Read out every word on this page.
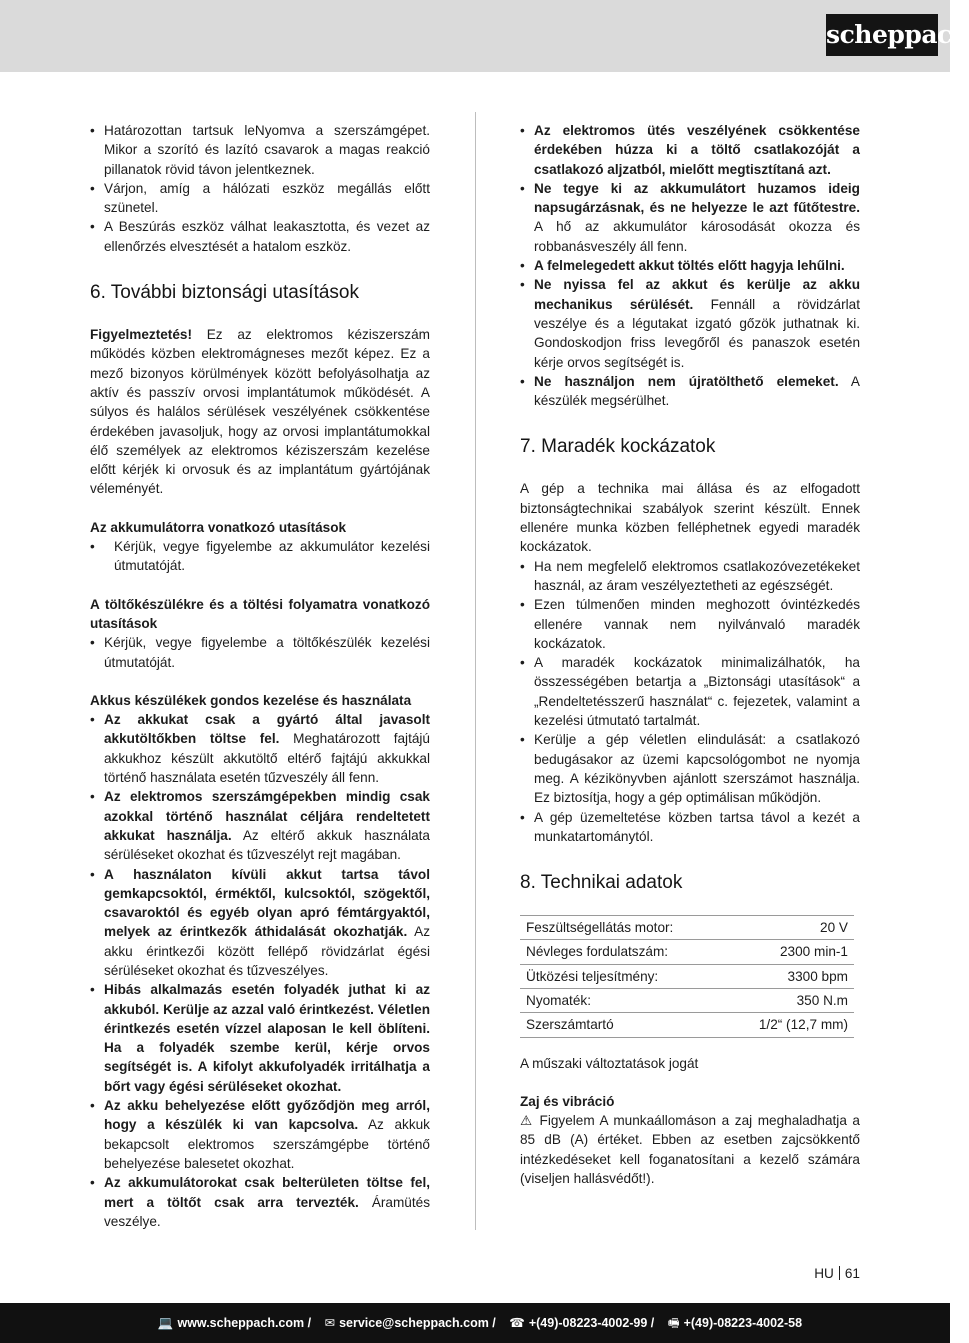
scheppach
• Határozottan tartsuk leNyomva a szerszámgépet. Mikor a szorító és lazító csavarok a magas reakció pillanatok rövid távon jelentkeznek.
• Várjon, amíg a hálózati eszköz megállás előtt szünetel.
• A Beszúrás eszköz válhat leakasztotta, és vezet az ellenőrzés elvesztését a hatalom eszköz.
6. További biztonsági utasítások

Figyelmeztetés! Ez az elektromos kéziszerszám működés közben elektromágneses mezőt képez. Ez a mező bizonyos körülmények között befolyásolhatja az aktív és passzív orvosi implantátumok működését. A súlyos és halálos sérülések veszélyének csökkentése érdekében javasoljuk, hogy az orvosi implantátumokkal élő személyek az elektromos kéziszerszám kezelése előtt kérjék ki orvosuk és az implantátum gyártójának véleményét.

Az akkumulátorra vonatkozó utasítások
• Kérjük, vegye figyelembe az akkumulátor kezelési útmutatóját.
A töltőkészülékre és a töltési folyamatra vonatkozó utasítások
• Kérjük, vegye figyelembe a töltőkészülék kezelési útmutatóját.
Akkus készülékek gondos kezelése és használata
• Az akkukat csak a gyártó által javasolt akkutöltőkben töltse fel. Meghatározott fajtájú akkukhoz készült akkutöltő eltérő fajtájú akkukkal történő használata esetén tűzveszély áll fenn.
• Az elektromos szerszámgépekben mindig csak azokkal történő használat céljára rendeltetett akkukat használja. Az eltérő akkuk használata sérüléseket okozhat és tűzveszélyt rejt magában.
• A használaton kívüli akkut tartsa távol gemkapcsoktól, érméktől, kulcsoktól, szögektől, csavaroktól és egyéb olyan apró fémtárgyaktól, melyek az érintkezők áthidalását okozhatják. Az akku érintkezői között fellépő rövidzárlat égési sérüléseket okozhat és tűzveszélyes.
• Hibás alkalmazás esetén folyadék juthat ki az akkuból. Kerülje az azzal való érintkezést. Véletlen érintkezés esetén vízzel alaposan le kell öblíteni. Ha a folyadék szembe kerül, kérje orvos segítségét is. A kifolyt akkufolyadék irritálhatja a bőrt vagy égési sérüléseket okozhat.
• Az akku behelyezése előtt győződjön meg arról, hogy a készülék ki van kapcsolva. Az akkuk bekapcsolt elektromos szerszámgépbe történő behelyezése balesetet okozhat.
• Az akkumulátorokat csak belterületen töltse fel, mert a töltőt csak arra tervezték. Áramütés veszélye.
• Az elektromos ütés veszélyének csökkentése érdekében húzza ki a töltő csatlakozóját a csatlakozó aljzatból, mielőtt megtisztítaná azt.
• Ne tegye ki az akkumulátort huzamos ideig napsugárzásnak, és ne helyezze le azt fűtőtestre. A hő az akkumulátor károsodását okozza és robbanásveszély áll fenn.
• A felmelegedett akkut töltés előtt hagyja lehűlni.
• Ne nyissa fel az akkut és kerülje az akku mechanikus sérülését. Fennáll a rövidzárlat veszélye és a légutakat izgató gőzök juthatnak ki. Gondoskodjon friss levegőről és panaszok esetén kérje orvos segítségét is.
• Ne használjon nem újratölthető elemeket. A készülék megsérülhet.
7. Maradék kockázatok

A gép a technika mai állása és az elfogadott biztonságtechnikai szabályok szerint készült. Ennek ellenére munka közben felléphetnek egyedi maradék kockázatok.

• Ha nem megfelelő elektromos csatlakozóvezetékeket használ, az áram veszélyeztetheti az egészségét.
• Ezen túlmenően minden meghozott óvintézkedés ellenére vannak nem nyilvánvaló maradék kockázatok.
• A maradék kockázatok minimalizálhatók, ha összességében betartja a „Biztonsági utasítások“ a „Rendeltetésszerű használat“ c. fejezetek, valamint a kezelési útmutató tartalmát.
• Kerülje a gép véletlen elindulását: a csatlakozó bedugásakor az üzemi kapcsológombot ne nyomja meg. A kézikönyvben ajánlott szerszámot használja. Ez biztosítja, hogy a gép optimálisan működjön.
• A gép üzemeltetése közben tartsa távol a kezét a munkatartománytól.
8. Technikai adatok
Feszültségellátás motor:	20 V
Névleges fordulatszám:	2300 min-1
Ütközési teljesítmény:	3300 bpm
Nyomaték:	350 N.m
Szerszámtartó	1/2“ (12,7 mm)

A műszaki változtatások jogát

Zaj és vibráció

⚠ Figyelem A munkaállomáson a zaj meghaladhatja a 85 dB (A) értéket. Ebben az esetben zajcsökkentő intézkedéseket kell foganatosítani a kezelő számára (viseljen hallásvédőt!).

HU 61
💻 www.scheppach.com / ✉ service@scheppach.com / ☎ +(49)-08223-4002-99 / 🖷 +(49)-08223-4002-58
